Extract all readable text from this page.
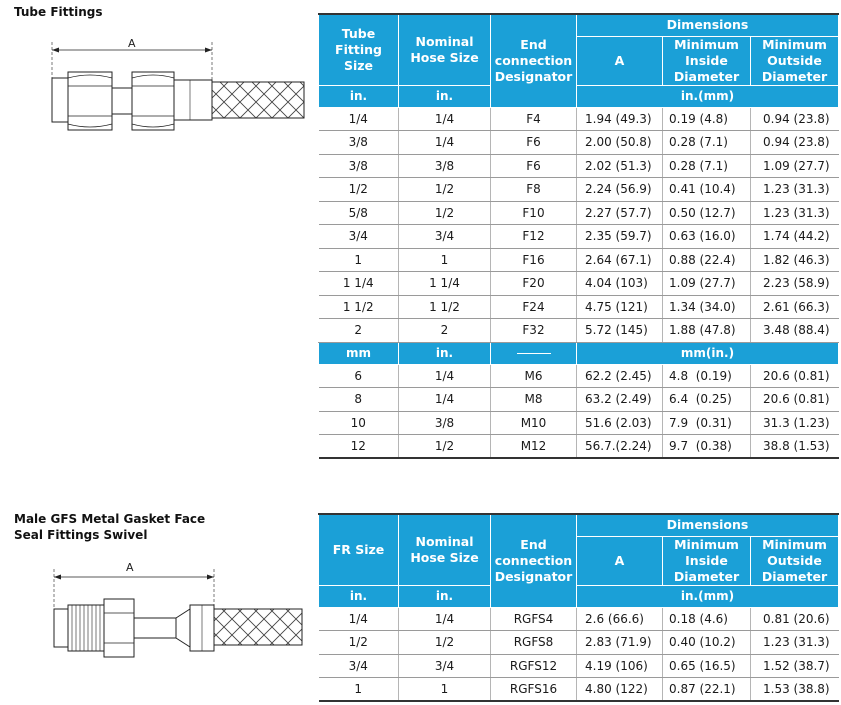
Tube Fittings
A
Tube Fitting Size	Nominal Hose Size	End connection Designator	Dimensions		
			A	Minimum Inside Diameter	Minimum Outside Diameter
in.	in.		in.(mm)		
1/4	1/4	F4	1.94 (49.3)	0.19 (4.8)	0.94 (23.8)
3/8	1/4	F6	2.00 (50.8)	0.28 (7.1)	0.94 (23.8)
3/8	3/8	F6	2.02 (51.3)	0.28 (7.1)	1.09 (27.7)
1/2	1/2	F8	2.24 (56.9)	0.41 (10.4)	1.23 (31.3)
5/8	1/2	F10	2.27 (57.7)	0.50 (12.7)	1.23 (31.3)
3/4	3/4	F12	2.35 (59.7)	0.63 (16.0)	1.74 (44.2)
1	1	F16	2.64 (67.1)	0.88 (22.4)	1.82 (46.3)
1 1/4	1 1/4	F20	4.04 (103)	1.09 (27.7)	2.23 (58.9)
1 1/2	1 1/2	F24	4.75 (121)	1.34 (34.0)	2.61 (66.3)
2	2	F32	5.72 (145)	1.88 (47.8)	3.48 (88.4)
mm	in.		mm(in.)		
6	1/4	M6	62.2 (2.45)	4.8  (0.19)	20.6 (0.81)
8	1/4	M8	63.2 (2.49)	6.4  (0.25)	20.6 (0.81)
10	3/8	M10	51.6 (2.03)	7.9  (0.31)	31.3 (1.23)
12	1/2	M12	56.7.(2.24)	9.7  (0.38)	38.8 (1.53)
Male GFS Metal Gasket Face
Seal Fittings Swivel
A
FR Size	Nominal Hose Size	End connection Designator	Dimensions		
			A	Minimum Inside Diameter	Minimum Outside Diameter
in.	in.		in.(mm)		
1/4	1/4	RGFS4	2.6 (66.6)	0.18 (4.6)	0.81 (20.6)
1/2	1/2	RGFS8	2.83 (71.9)	0.40 (10.2)	1.23 (31.3)
3/4	3/4	RGFS12	4.19 (106)	0.65 (16.5)	1.52 (38.7)
1	1	RGFS16	4.80 (122)	0.87 (22.1)	1.53 (38.8)
